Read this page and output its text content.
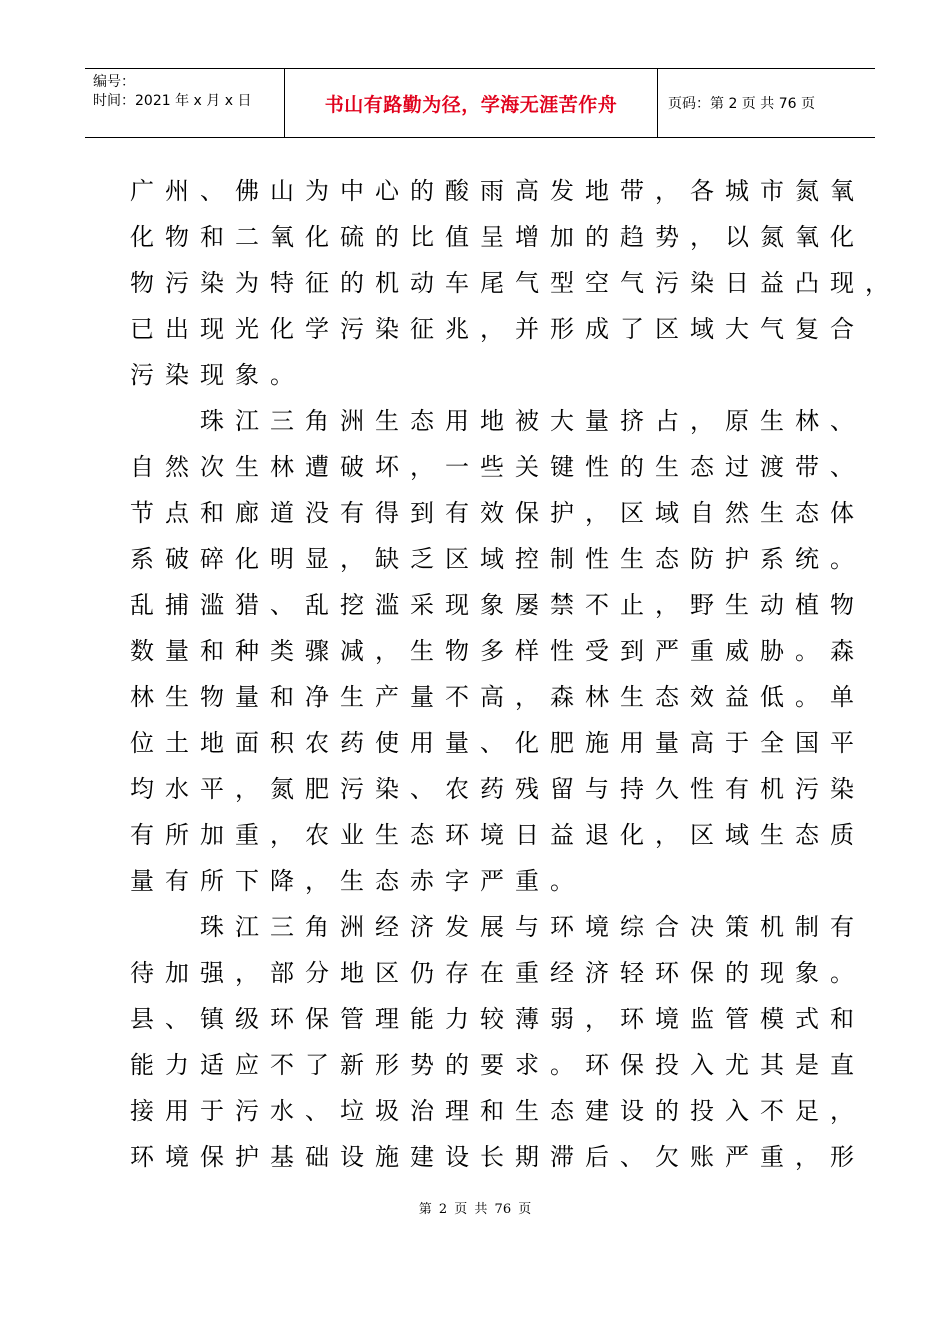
编号：
时间：2021 年 x 月 x 日	书山有路勤为径，学海无涯苦作舟	页码：第 2 页 共 76 页
广州、佛山为中心的酸雨高发地带，各城市氮氧
化物和二氧化硫的比值呈增加的趋势，以氮氧化
物污染为特征的机动车尾气型空气污染日益凸现，
已出现光化学污染征兆，并形成了区域大气复合
污染现象。
　　珠江三角洲生态用地被大量挤占，原生林、
自然次生林遭破坏，一些关键性的生态过渡带、
节点和廊道没有得到有效保护，区域自然生态体
系破碎化明显，缺乏区域控制性生态防护系统。
乱捕滥猎、乱挖滥采现象屡禁不止，野生动植物
数量和种类骤减，生物多样性受到严重威胁。森
林生物量和净生产量不高，森林生态效益低。单
位土地面积农药使用量、化肥施用量高于全国平
均水平，氮肥污染、农药残留与持久性有机污染
有所加重，农业生态环境日益退化，区域生态质
量有所下降，生态赤字严重。
　　珠江三角洲经济发展与环境综合决策机制有
待加强，部分地区仍存在重经济轻环保的现象。
县、镇级环保管理能力较薄弱，环境监管模式和
能力适应不了新形势的要求。环保投入尤其是直
接用于污水、垃圾治理和生态建设的投入不足，
环境保护基础设施建设长期滞后、欠账严重，形
第 2 页 共 76 页
